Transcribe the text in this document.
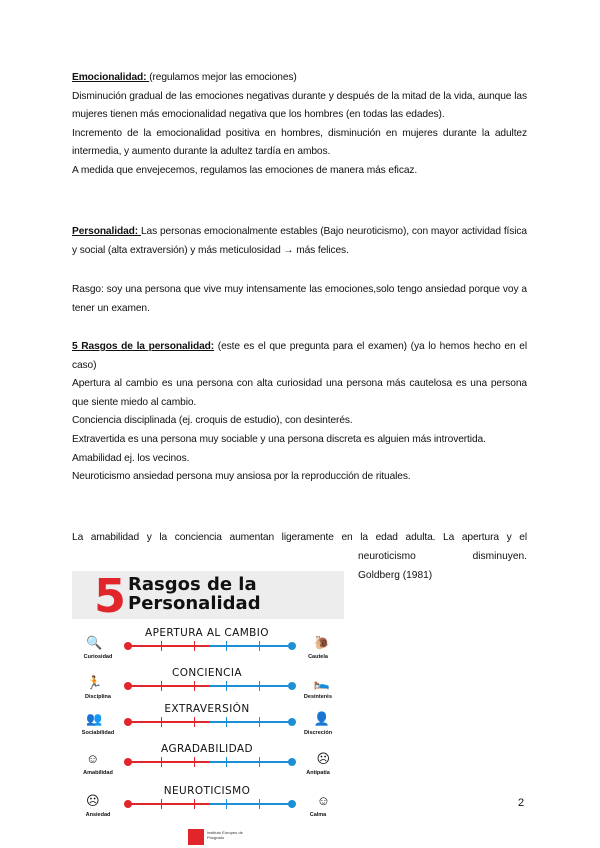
Emocionalidad: (regulamos mejor las emociones)
Disminución gradual de las emociones negativas durante y después de la mitad de la vida, aunque las mujeres tienen más emocionalidad negativa que los hombres (en todas las edades).
Incremento de la emocionalidad positiva en hombres, disminución en mujeres durante la adultez intermedia, y aumento durante la adultez tardía en ambos.
A medida que envejecemos, regulamos las emociones de manera más eficaz.
Personalidad: Las personas emocionalmente estables (Bajo neuroticismo), con mayor actividad física y social (alta extraversión) y más meticulosidad → más felices.
Rasgo: soy una persona que vive muy intensamente las emociones,solo tengo ansiedad porque voy a tener un examen.
5 Rasgos de la personalidad: (este es el que pregunta para el examen) (ya lo hemos hecho en el caso)
Apertura al cambio es una persona con alta curiosidad una persona más cautelosa es una persona que siente miedo al cambio.
Conciencia disciplinada (ej. croquis de estudio), con desinterés.
Extravertida es una persona muy sociable y una persona discreta es alguien más introvertida.
Amabilidad ej. los vecinos.
Neuroticismo ansiedad persona muy ansiosa por la reproducción de rituales.
La amabilidad y la conciencia aumentan ligeramente en la edad adulta. La apertura y el
neuroticismo disminuyen.
Goldberg (1981)
5 Rasgos de la
Personalidad
APERTURA AL CAMBIO
🔍	🐌
Curiosidad	Cautela
CONCIENCIA
🏃	🛌
Disciplina	Desinterés
EXTRAVERSIÓN
👥	👤
Sociabilidad	Discreción
AGRADABILIDAD
☺	☹
Amabilidad	Antipatía
NEUROTICISMO
☹	☺
Ansiedad	Calma
2
Instituto Europeo de Posgrado
